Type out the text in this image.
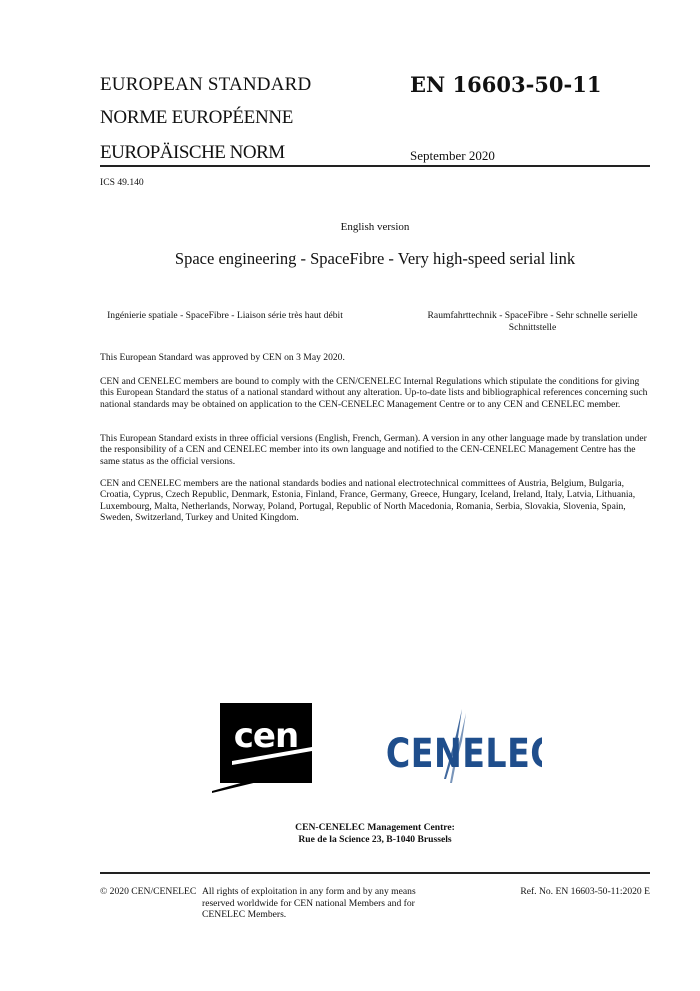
EUROPEAN STANDARD	EN 16603-50-11
NORME EUROPÉENNE
EUROPÄISCHE NORM	September 2020
ICS 49.140
English version
Space engineering - SpaceFibre - Very high-speed serial link
Ingénierie spatiale - SpaceFibre - Liaison série très haut débit	Raumfahrttechnik - SpaceFibre - Sehr schnelle serielle Schnittstelle
This European Standard was approved by CEN on 3 May 2020.
CEN and CENELEC members are bound to comply with the CEN/CENELEC Internal Regulations which stipulate the conditions for giving this European Standard the status of a national standard without any alteration. Up-to-date lists and bibliographical references concerning such national standards may be obtained on application to the CEN-CENELEC Management Centre or to any CEN and CENELEC member.
This European Standard exists in three official versions (English, French, German). A version in any other language made by translation under the responsibility of a CEN and CENELEC member into its own language and notified to the CEN-CENELEC Management Centre has the same status as the official versions.
CEN and CENELEC members are the national standards bodies and national electrotechnical committees of Austria, Belgium, Bulgaria, Croatia, Cyprus, Czech Republic, Denmark, Estonia, Finland, France, Germany, Greece, Hungary, Iceland, Ireland, Italy, Latvia, Lithuania, Luxembourg, Malta, Netherlands, Norway, Poland, Portugal, Republic of North Macedonia, Romania, Serbia, Slovakia, Slovenia, Spain, Sweden, Switzerland, Turkey and United Kingdom.
cen	CENELEC
CEN-CENELEC Management Centre:
Rue de la Science 23, B-1040 Brussels
© 2020 CEN/CENELEC All rights of exploitation in any form and by any means reserved worldwide for CEN national Members and for CENELEC Members.
Ref. No. EN 16603-50-11:2020 E
